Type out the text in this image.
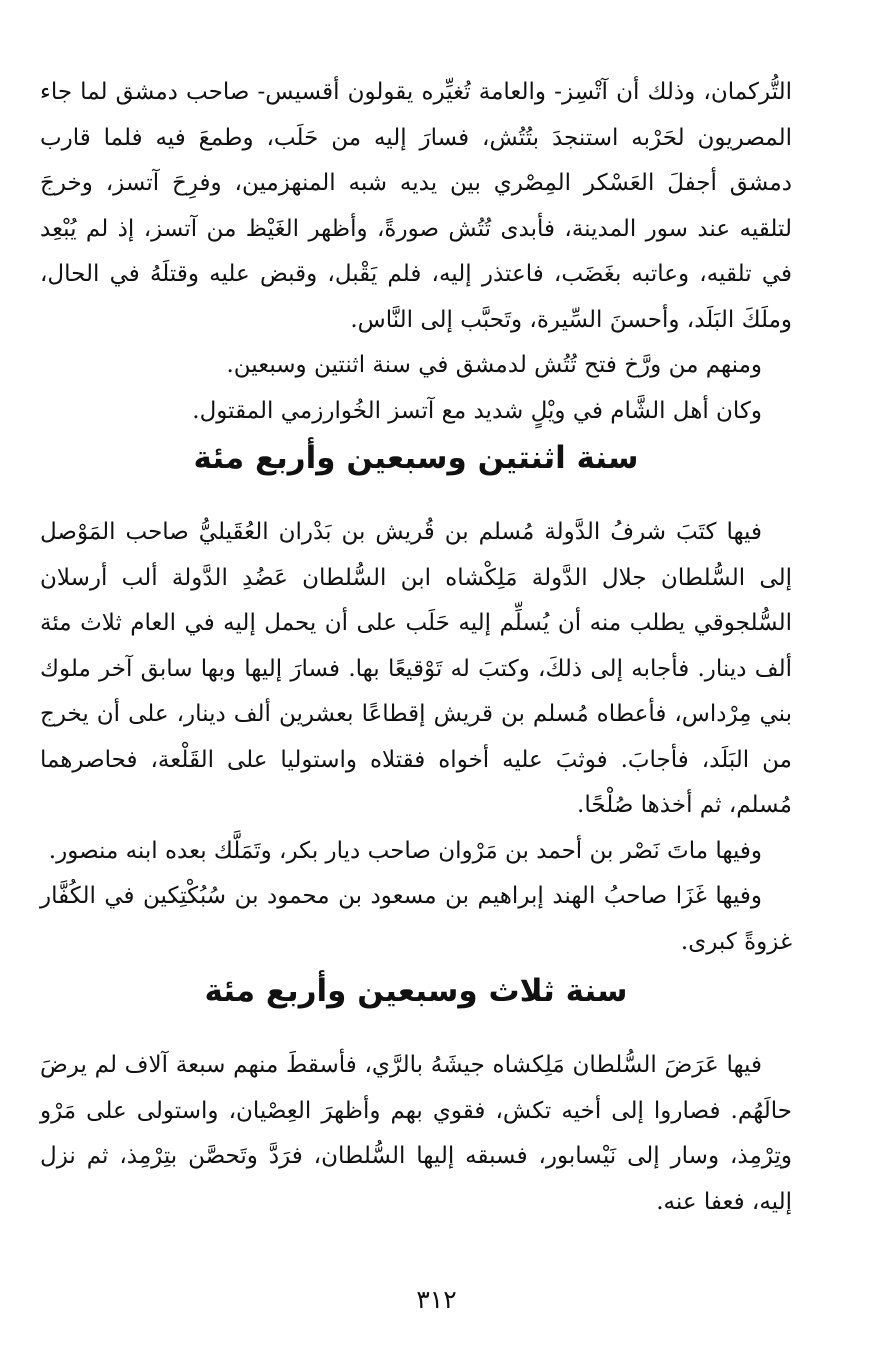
التُّركمان، وذلك أن آتْسِز- والعامة تُغيِّره يقولون أقسيس- صاحب دمشق لما جاء المصريون لحَرْبه استنجدَ بتُتُش، فسارَ إليه من حَلَب، وطمعَ فيه فلما قارب دمشق أجفلَ العَسْكر المِصْري بين يديه شبه المنهزمين، وفرِحَ آتسز، وخرجَ لتلقيه عند سور المدينة، فأبدى تُتُش صورةً، وأظهر الغَيْظ من آتسز، إذ لم يُبْعِد في تلقيه، وعاتبه بغَضَب، فاعتذر إليه، فلم يَقْبل، وقبض عليه وقتلَهُ في الحال، وملَكَ البَلَد، وأحسنَ السِّيرة، وتَحبَّب إلى النَّاس.

ومنهم من ورَّخ فتح تُتُش لدمشق في سنة اثنتين وسبعين.

وكان أهل الشَّام في ويْلٍ شديد مع آتسز الخُوارزمي المقتول.

سنة اثنتين وسبعين وأربع مئة

فيها كتَبَ شرفُ الدَّولة مُسلم بن قُريش بن بَدْران العُقَيليُّ صاحب المَوْصل إلى السُّلطان جلال الدَّولة مَلِكْشاه ابن السُّلطان عَضُدِ الدَّولة ألب أرسلان السُّلجوقي يطلب منه أن يُسلِّم إليه حَلَب على أن يحمل إليه في العام ثلاث مئة ألف دينار. فأجابه إلى ذلكَ، وكتبَ له تَوْقيعًا بها. فسارَ إليها وبها سابق آخر ملوك بني مِرْداس، فأعطاه مُسلم بن قريش إقطاعًا بعشرين ألف دينار، على أن يخرج من البَلَد، فأجابَ. فوثبَ عليه أخواه فقتلاه واستوليا على القَلْعة، فحاصرهما مُسلم، ثم أخذها صُلْحًا.

وفيها ماتَ نَصْر بن أحمد بن مَرْوان صاحب ديار بكر، وتَمَلَّك بعده ابنه منصور.

وفيها غَزَا صاحبُ الهند إبراهيم بن مسعود بن محمود بن سُبُكْتِكين في الكُفَّار غزوةً كبرى.

سنة ثلاث وسبعين وأربع مئة

فيها عَرَضَ السُّلطان مَلِكشاه جيشَهُ بالرَّي، فأسقطَ منهم سبعة آلاف لم يرضَ حالَهُم. فصاروا إلى أخيه تكش، فقوي بهم وأظهرَ العِصْيان، واستولى على مَرْو وتِرْمِذ، وسار إلى نَيْسابور، فسبقه إليها السُّلطان، فرَدَّ وتَحصَّن بتِرْمِذ، ثم نزل إليه، فعفا عنه.

٣١٢
